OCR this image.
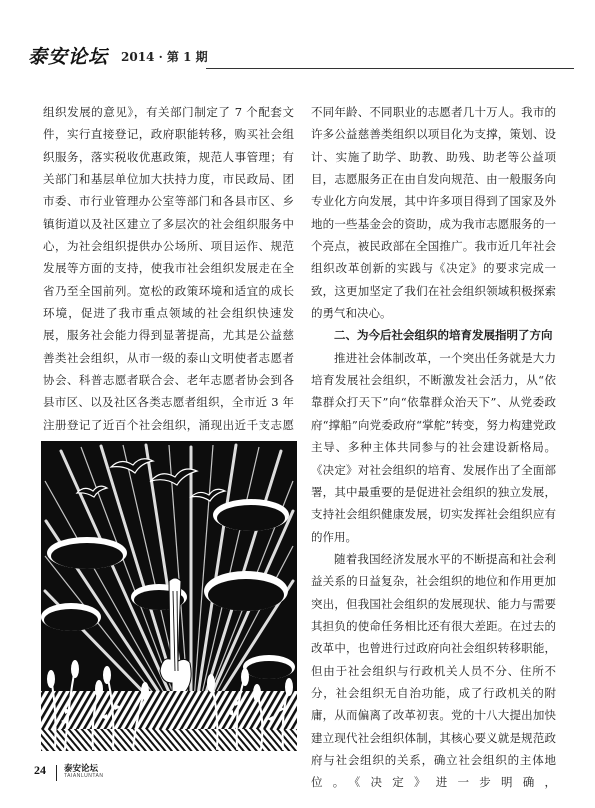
泰安论坛 2014 · 第 1 期

组织发展的意见》，有关部门制定了 7 个配套文件，实行直接登记，政府职能转移，购买社会组织服务，落实税收优惠政策，规范人事管理；有关部门和基层单位加大扶持力度，市民政局、团市委、市行业管理办公室等部门和各县市区、乡镇街道以及社区建立了多层次的社会组织服务中心，为社会组织提供办公场所、项目运作、规范发展等方面的支持，使我市社会组织发展走在全省乃至全国前列。宽松的政策环境和适宜的成长环境，促进了我市重点领域的社会组织快速发展，服务社会能力得到显著提高，尤其是公益慈善类社会组织，从市一级的泰山文明使者志愿者协会、科普志愿者联合会、老年志愿者协会到各县市区、以及社区各类志愿者组织，全市近 3 年注册登记了近百个社会组织，涌现出近千支志愿

不同年龄、不同职业的志愿者几十万人。我市的许多公益慈善类组织以项目化为支撑，策划、设计、实施了助学、助教、助残、助老等公益项目，志愿服务正在由自发向规范、由一般服务向专业化方向发展，其中许多项目得到了国家及外地的一些基金会的资助，成为我市志愿服务的一个亮点，被民政部在全国推广。我市近几年社会组织改革创新的实践与《决定》的要求完成一致，这更加坚定了我们在社会组织领域积极探索的勇气和决心。

二、为今后社会组织的培育发展指明了方向

推进社会体制改革，一个突出任务就是大力培育发展社会组织，不断激发社会活力，从“依靠群众打天下”向“依靠群众治天下”、从党委政府“撑船”向党委政府“掌舵”转变，努力构建党政主导、多种主体共同参与的社会建设新格局。《决定》对社会组织的培育、发展作出了全面部署，其中最重要的是促进社会组织的独立发展，支持社会组织健康发展，切实发挥社会组织应有的作用。

随着我国经济发展水平的不断提高和社会利益关系的日益复杂，社会组织的地位和作用更加突出，但我国社会组织的发展现状、能力与需要其担负的使命任务相比还有很大差距。在过去的改革中，也曾进行过政府向社会组织转移职能，但由于社会组织与行政机关人员不分、住所不分，社会组织无自治功能，成了行政机关的附庸，从而偏离了改革初衷。党的十八大提出加快建立现代社会组织体制，其核心要义就是规范政府与社会组织的关系，确立社会组织的主体地位。《决定》进一步明确，

24 泰安论坛
TAIANLUNTAN
